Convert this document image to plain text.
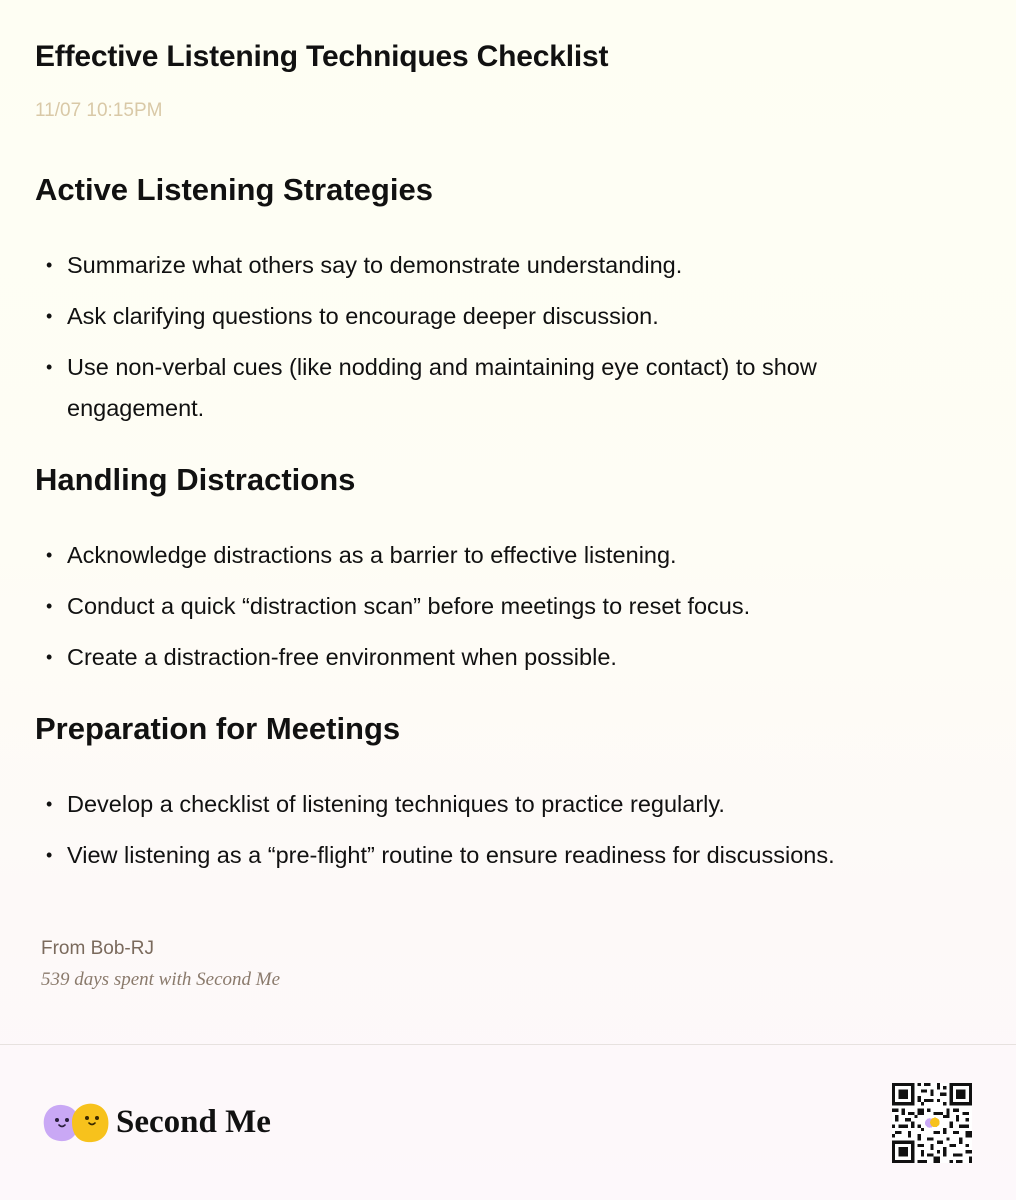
Effective Listening Techniques Checklist
11/07 10:15PM
Active Listening Strategies
• Summarize what others say to demonstrate understanding.
• Ask clarifying questions to encourage deeper discussion.
• Use non-verbal cues (like nodding and maintaining eye contact) to show engagement.
Handling Distractions
• Acknowledge distractions as a barrier to effective listening.
• Conduct a quick “distraction scan” before meetings to reset focus.
• Create a distraction-free environment when possible.
Preparation for Meetings
• Develop a checklist of listening techniques to practice regularly.
• View listening as a “pre-flight” routine to ensure readiness for discussions.
From Bob-RJ
539 days spent with Second Me
Second Me
